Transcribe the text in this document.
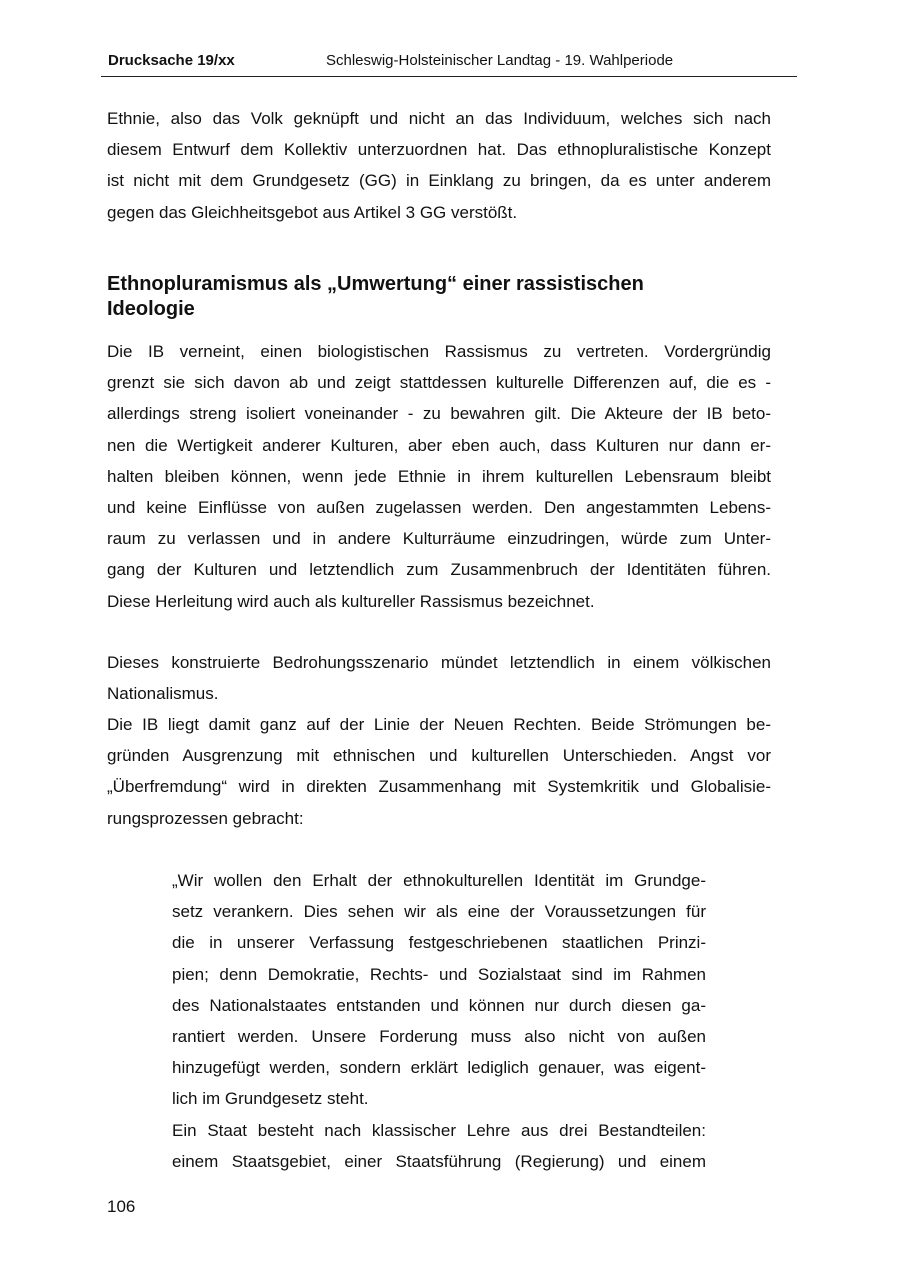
Drucksache 19/xx	Schleswig-Holsteinischer Landtag - 19. Wahlperiode
Ethnie, also das Volk geknüpft und nicht an das Individuum, welches sich nach
diesem Entwurf dem Kollektiv unterzuordnen hat. Das ethnopluralistische Konzept
ist nicht mit dem Grundgesetz (GG) in Einklang zu bringen, da es unter anderem
gegen das Gleichheitsgebot aus Artikel 3 GG verstößt.
Ethnopluramismus als „Umwertung“ einer rassistischen
Ideologie
Die IB verneint, einen biologistischen Rassismus zu vertreten. Vordergründig
grenzt sie sich davon ab und zeigt stattdessen kulturelle Differenzen auf, die es -
allerdings streng isoliert voneinander - zu bewahren gilt. Die Akteure der IB beto-
nen die Wertigkeit anderer Kulturen, aber eben auch, dass Kulturen nur dann er-
halten bleiben können, wenn jede Ethnie in ihrem kulturellen Lebensraum bleibt
und keine Einflüsse von außen zugelassen werden. Den angestammten Lebens-
raum zu verlassen und in andere Kulturräume einzudringen, würde zum Unter-
gang der Kulturen und letztendlich zum Zusammenbruch der Identitäten führen.
Diese Herleitung wird auch als kultureller Rassismus bezeichnet.
Dieses konstruierte Bedrohungsszenario mündet letztendlich in einem völkischen
Nationalismus.
Die IB liegt damit ganz auf der Linie der Neuen Rechten. Beide Strömungen be-
gründen Ausgrenzung mit ethnischen und kulturellen Unterschieden. Angst vor
„Überfremdung“ wird in direkten Zusammenhang mit Systemkritik und Globalisie-
rungsprozessen gebracht:
„Wir wollen den Erhalt der ethnokulturellen Identität im Grundge-
setz verankern. Dies sehen wir als eine der Voraussetzungen für
die in unserer Verfassung festgeschriebenen staatlichen Prinzi-
pien; denn Demokratie, Rechts- und Sozialstaat sind im Rahmen
des Nationalstaates entstanden und können nur durch diesen ga-
rantiert werden. Unsere Forderung muss also nicht von außen
hinzugefügt werden, sondern erklärt lediglich genauer, was eigent-
lich im Grundgesetz steht.
Ein Staat besteht nach klassischer Lehre aus drei Bestandteilen:
einem Staatsgebiet, einer Staatsführung (Regierung) und einem
106
